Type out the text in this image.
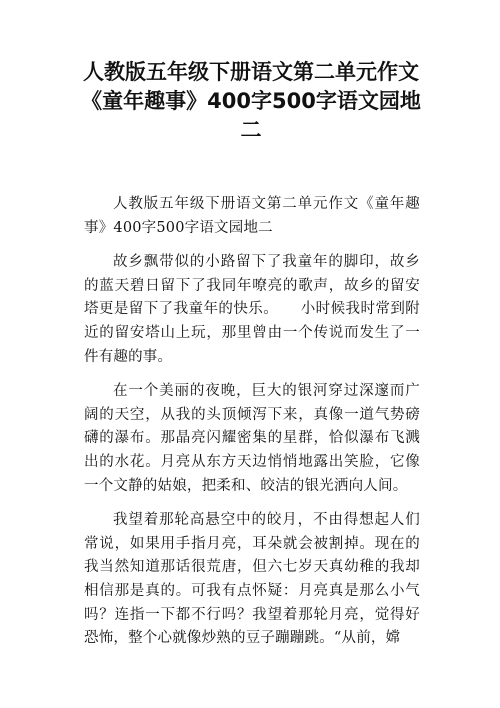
人教版五年级下册语文第二单元作文《童年趣事》400字500字语文园地二

人教版五年级下册语文第二单元作文《童年趣事》400字500字语文园地二

故乡飘带似的小路留下了我童年的脚印，故乡的蓝天碧日留下了我同年嘹亮的歌声，故乡的留安塔更是留下了我童年的快乐。　　小时候我时常到附近的留安塔山上玩，那里曾由一个传说而发生了一件有趣的事。

在一个美丽的夜晚，巨大的银河穿过深邃而广阔的天空，从我的头顶倾泻下来，真像一道气势磅礴的瀑布。那晶亮闪耀密集的星群，恰似瀑布飞溅出的水花。月亮从东方天边悄悄地露出笑脸，它像一个文静的姑娘，把柔和、皎洁的银光洒向人间。

我望着那轮高悬空中的皎月，不由得想起人们常说，如果用手指月亮，耳朵就会被割掉。现在的我当然知道那话很荒唐，但六七岁天真幼稚的我却相信那是真的。可我有点怀疑：月亮真是那么小气吗？连指一下都不行吗？我望着那轮月亮，觉得好恐怖，整个心就像炒熟的豆子蹦蹦跳。“从前，嫦
